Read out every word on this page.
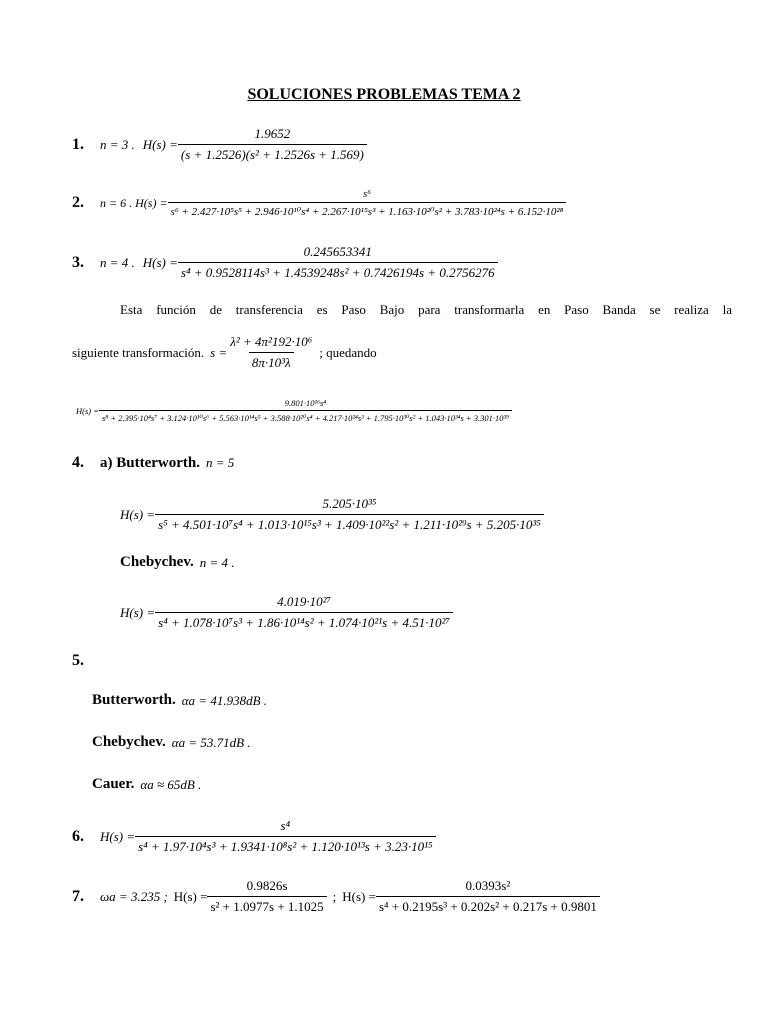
SOLUCIONES PROBLEMAS TEMA 2
1.	n = 3 . $H(s) = \frac{1.9652}{\text{(s + 1.2526)(s² + 1.2526s + 1.569)}}$
2.	n = 6 . H(s) =
s⁶
s⁶ + 2.427·10⁵s⁵ + 2.946·10¹⁰s⁴ + 2.267·10¹⁵s³ + 1.163·10²⁰s² + 3.783·10²⁴s + 6.152·10²⁸
3.	n = 4 . $H(s) = \frac{0.245653341}{\text{s⁴ + 0.9528114s³ + 1.4539248s² + 0.7426194s + 0.2756276}}$
Esta función de transferencia es Paso Bajo para transformarla en Paso Banda se realiza la
siguiente transformación. $s = \frac{\text{λ² + 4π²192·10⁶}}{\text{8π·10³λ}}$ ; quedando
H(s) =
9.801·10¹⁶s⁴
s⁸ + 2.395·10⁴s⁷ + 3.124·10¹⁰s⁶ + 5.563·10¹⁴s⁵ + 3.588·10²⁰s⁴ + 4.217·10²⁴s³ + 1.795·10³⁰s² + 1.043·10³⁴s + 3.301·10³⁹
4.	a) Butterworth. n = 5
H(s) =
5.205·10³⁵
s⁵ + 4.501·10⁷s⁴ + 1.013·10¹⁵s³ + 1.409·10²²s² + 1.211·10²⁹s + 5.205·10³⁵
Chebychev. n = 4 .
$H(s) = \frac{\text{4.019·10²⁷}}{\text{s⁴ + 1.078·10⁷s³ + 1.86·10¹⁴s² + 1.074·10²¹s + 4.51·10²⁷}}$
5.
Butterworth. αa = 41.938dB .
Chebychev. αa = 53.71dB .
Cauer. αa ≈ 65dB .
6.	$H(s) = \frac{\text{s⁴}}{\text{s⁴ + 1.97·10⁴s³ + 1.9341·10⁸s² + 1.120·10¹³s + 3.23·10¹⁵}}$
7.	ωa = 3.235 ; $H(s) = \frac{0.9826s}{\text{s² + 1.0977s + 1.1025}}$ ; $H(s) = \frac{\text{0.0393s²}}{\text{s⁴ + 0.2195s³ + 0.202s² + 0.217s + 0.9801}}$
